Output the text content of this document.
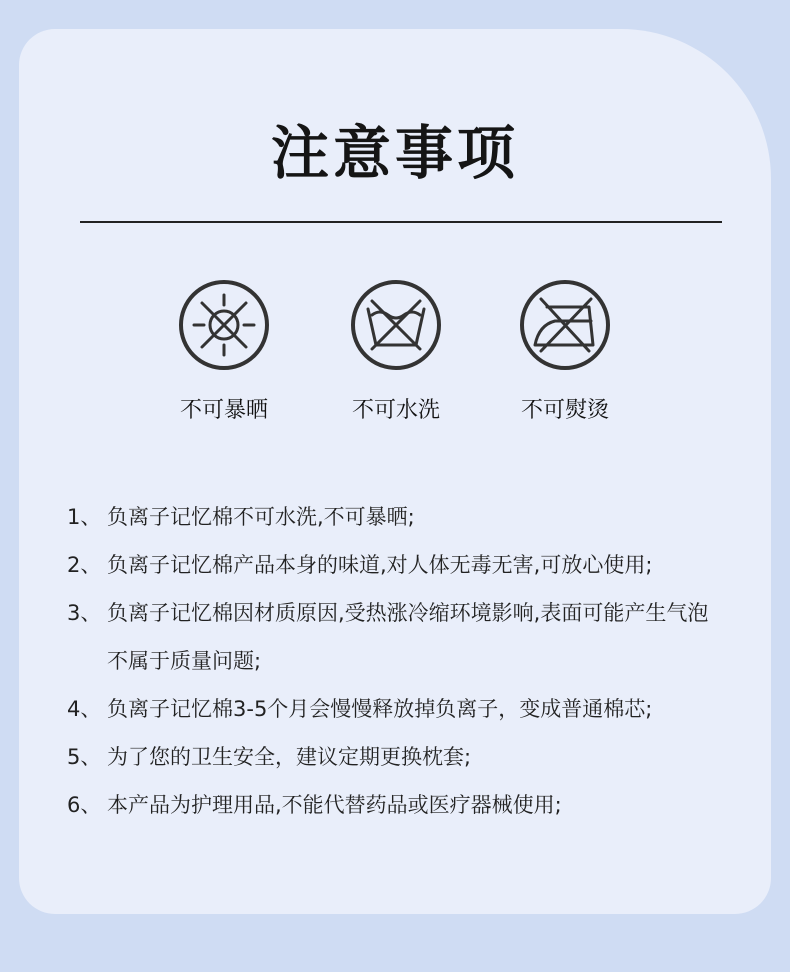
注意事项
不可暴晒	不可水洗	不可熨烫
1、 负离子记忆棉不可水洗,不可暴晒;
2、 负离子记忆棉产品本身的味道,对人体无毒无害,可放心使用;
3、 负离子记忆棉因材质原因,受热涨冷缩环境影响,表面可能产生气泡不属于质量问题;
4、 负离子记忆棉3-5个月会慢慢释放掉负离子，变成普通棉芯;
5、 为了您的卫生安全，建议定期更换枕套;
6、 本产品为护理用品,不能代替药品或医疗器械使用;
